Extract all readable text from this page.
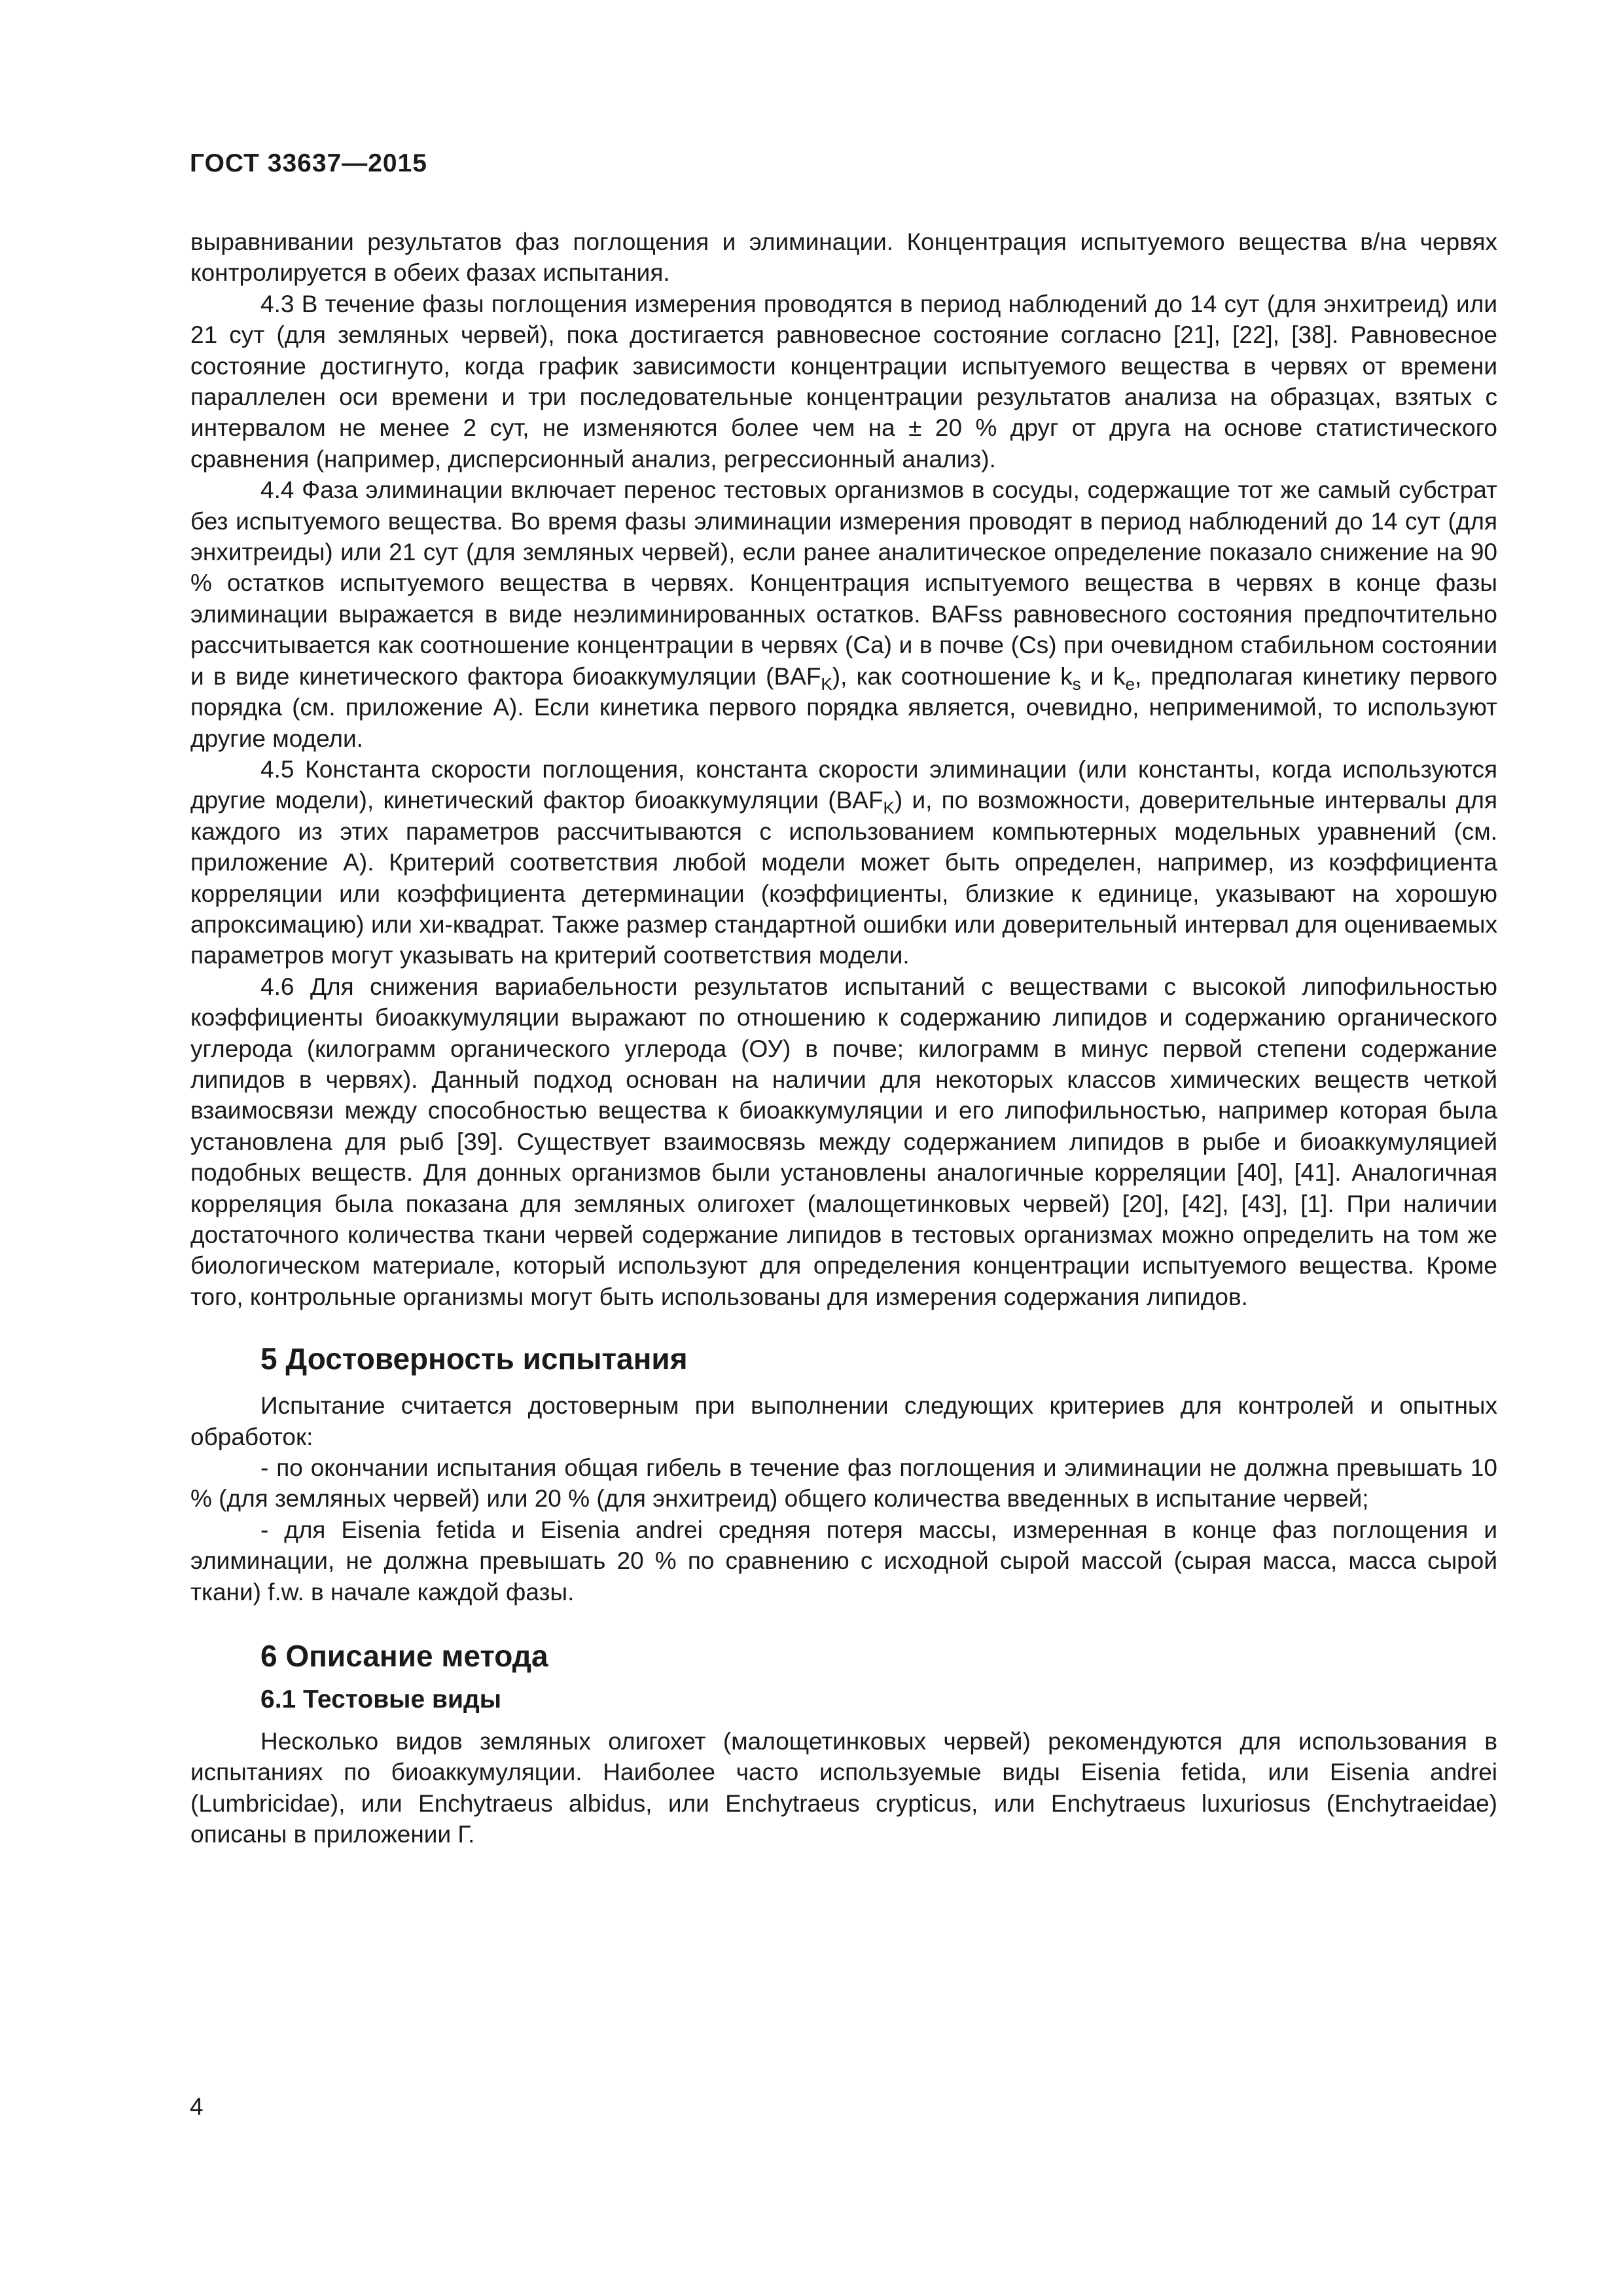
ГОСТ 33637—2015

выравнивании результатов фаз поглощения и элиминации. Концентрация испытуемого вещества в/на червях контролируется в обеих фазах испытания.

4.3 В течение фазы поглощения измерения проводятся в период наблюдений до 14 сут (для энхитреид) или 21 сут (для земляных червей), пока достигается равновесное состояние согласно [21], [22], [38]. Равновесное состояние достигнуто, когда график зависимости концентрации испытуемого вещества в червях от времени параллелен оси времени и три последовательные концентрации результатов анализа на образцах, взятых с интервалом не менее 2 сут, не изменяются более чем на ± 20 % друг от друга на основе статистического сравнения (например, дисперсионный анализ, регрессионный анализ).

4.4 Фаза элиминации включает перенос тестовых организмов в сосуды, содержащие тот же самый субстрат без испытуемого вещества. Во время фазы элиминации измерения проводят в период наблюдений до 14 сут (для энхитреиды) или 21 сут (для земляных червей), если ранее аналитическое определение показало снижение на 90 % остатков испытуемого вещества в червях. Концентрация испытуемого вещества в червях в конце фазы элиминации выражается в виде неэлиминированных остатков. BAFss равновесного состояния предпочтительно рассчитывается как соотношение концентрации в червях (Ca) и в почве (Cs) при очевидном стабильном состоянии и в виде кинетического фактора биоаккумуляции $(BAF_K)$, как соотношение $k_s$ и $k_e$, предполагая кинетику первого порядка (см. приложение А). Если кинетика первого порядка является, очевидно, неприменимой, то используют другие модели.

4.5 Константа скорости поглощения, константа скорости элиминации (или константы, когда используются другие модели), кинетический фактор биоаккумуляции $(BAF_K)$ и, по возможности, доверительные интервалы для каждого из этих параметров рассчитываются с использованием компьютерных модельных уравнений (см. приложение А). Критерий соответствия любой модели может быть определен, например, из коэффициента корреляции или коэффициента детерминации (коэффициенты, близкие к единице, указывают на хорошую апроксимацию) или хи-квадрат. Также размер стандартной ошибки или доверительный интервал для оцениваемых параметров могут указывать на критерий соответствия модели.

4.6 Для снижения вариабельности результатов испытаний с веществами с высокой липофильностью коэффициенты биоаккумуляции выражают по отношению к содержанию липидов и содержанию органического углерода (килограмм органического углерода (ОУ) в почве; килограмм в минус первой степени содержание липидов в червях). Данный подход основан на наличии для некоторых классов химических веществ четкой взаимосвязи между способностью вещества к биоаккумуляции и его липофильностью, например которая была установлена для рыб [39]. Существует взаимосвязь между содержанием липидов в рыбе и биоаккумуляцией подобных веществ. Для донных организмов были установлены аналогичные корреляции [40], [41]. Аналогичная корреляция была показана для земляных олигохет (малощетинковых червей) [20], [42], [43], [1]. При наличии достаточного количества ткани червей содержание липидов в тестовых организмах можно определить на том же биологическом материале, который используют для определения концентрации испытуемого вещества. Кроме того, контрольные организмы могут быть использованы для измерения содержания липидов.

5 Достоверность испытания

Испытание считается достоверным при выполнении следующих критериев для контролей и опытных обработок:

- по окончании испытания общая гибель в течение фаз поглощения и элиминации не должна превышать 10 % (для земляных червей) или 20 % (для энхитреид) общего количества введенных в испытание червей;

- для Eisenia fetida и Eisenia andrei средняя потеря массы, измеренная в конце фаз поглощения и элиминации, не должна превышать 20 % по сравнению с исходной сырой массой (сырая масса, масса сырой ткани) f.w. в начале каждой фазы.

6 Описание метода
6.1 Тестовые виды

Несколько видов земляных олигохет (малощетинковых червей) рекомендуются для использования в испытаниях по биоаккумуляции. Наиболее часто используемые виды Eisenia fetida, или Eisenia andrei (Lumbricidae), или Enchytraeus albidus, или Enchytraeus crypticus, или Enchytraeus luxuriosus (Enchytraeidae) описаны в приложении Г.

4
